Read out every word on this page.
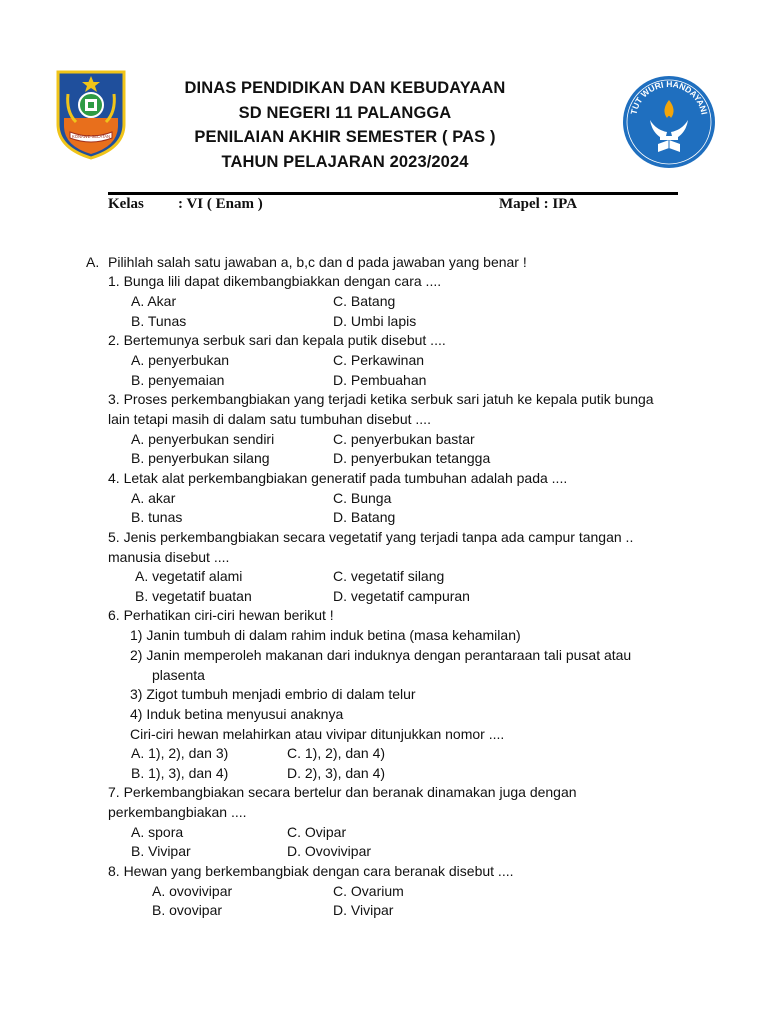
KONAWE SELATAN
DINAS PENDIDIKAN DAN KEBUDAYAAN
SD NEGERI 11 PALANGGA
PENILAIAN AKHIR SEMESTER ( PAS )
TAHUN PELAJARAN 2023/2024
TUT WURI HANDAYANI
Kelas : VI ( Enam )	Mapel : IPA
A. Pilihlah salah satu jawaban a, b,c dan d pada jawaban yang benar !
1. Bunga lili dapat dikembangbiakkan dengan cara ....
A. Akar	C. Batang
B. Tunas	D. Umbi lapis
2. Bertemunya serbuk sari dan kepala putik disebut ....
A. penyerbukan	C. Perkawinan
B. penyemaian	D. Pembuahan
3. Proses perkembangbiakan yang terjadi ketika serbuk sari jatuh ke kepala putik bunga
lain tetapi masih di dalam satu tumbuhan disebut ....
A. penyerbukan sendiri	C. penyerbukan bastar
B. penyerbukan silang	D. penyerbukan tetangga
4. Letak alat perkembangbiakan generatif pada tumbuhan adalah pada ....
A. akar	C. Bunga
B. tunas	D. Batang
5. Jenis perkembangbiakan secara vegetatif yang terjadi tanpa ada campur tangan ..
manusia disebut ....
A. vegetatif alami	C. vegetatif silang
B. vegetatif buatan	D. vegetatif campuran
6. Perhatikan ciri-ciri hewan berikut !
1) Janin tumbuh di dalam rahim induk betina (masa kehamilan)
2) Janin memperoleh makanan dari induknya dengan perantaraan tali pusat atau
plasenta
3) Zigot tumbuh menjadi embrio di dalam telur
4) Induk betina menyusui anaknya
Ciri-ciri hewan melahirkan atau vivipar ditunjukkan nomor ....
A. 1), 2), dan 3)	C. 1), 2), dan 4)
B. 1), 3), dan 4)	D. 2), 3), dan 4)
7. Perkembangbiakan secara bertelur dan beranak dinamakan juga dengan
perkembangbiakan ....
A. spora	C. Ovipar
B. Vivipar	D. Ovovivipar
8. Hewan yang berkembangbiak dengan cara beranak disebut ....
A. ovovivipar	C. Ovarium
B. ovovipar	D. Vivipar
